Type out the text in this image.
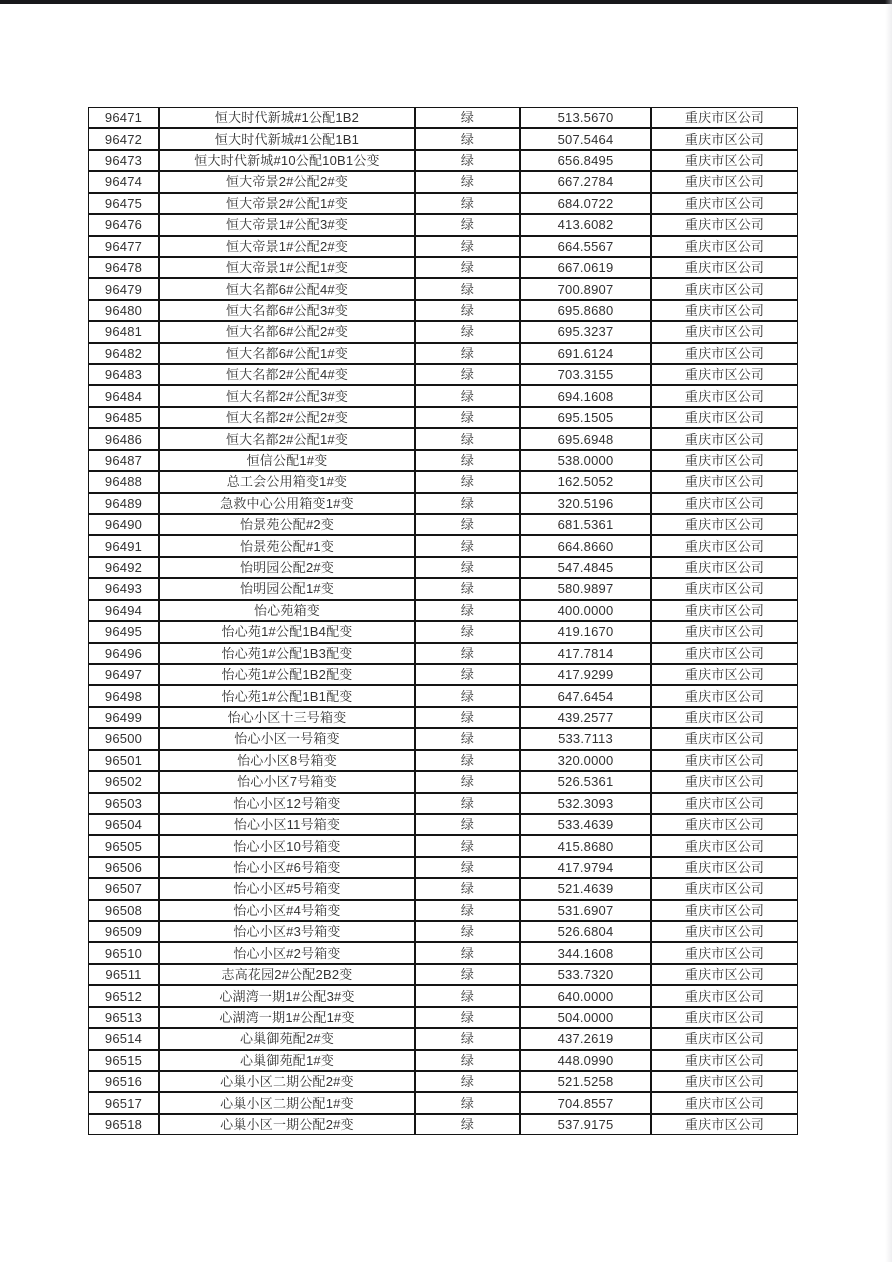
96471	恒大时代新城#1公配1B2	绿	513.5670	重庆市区公司
96472	恒大时代新城#1公配1B1	绿	507.5464	重庆市区公司
96473	恒大时代新城#10公配10B1公变	绿	656.8495	重庆市区公司
96474	恒大帝景2#公配2#变	绿	667.2784	重庆市区公司
96475	恒大帝景2#公配1#变	绿	684.0722	重庆市区公司
96476	恒大帝景1#公配3#变	绿	413.6082	重庆市区公司
96477	恒大帝景1#公配2#变	绿	664.5567	重庆市区公司
96478	恒大帝景1#公配1#变	绿	667.0619	重庆市区公司
96479	恒大名都6#公配4#变	绿	700.8907	重庆市区公司
96480	恒大名都6#公配3#变	绿	695.8680	重庆市区公司
96481	恒大名都6#公配2#变	绿	695.3237	重庆市区公司
96482	恒大名都6#公配1#变	绿	691.6124	重庆市区公司
96483	恒大名都2#公配4#变	绿	703.3155	重庆市区公司
96484	恒大名都2#公配3#变	绿	694.1608	重庆市区公司
96485	恒大名都2#公配2#变	绿	695.1505	重庆市区公司
96486	恒大名都2#公配1#变	绿	695.6948	重庆市区公司
96487	恒信公配1#变	绿	538.0000	重庆市区公司
96488	总工会公用箱变1#变	绿	162.5052	重庆市区公司
96489	急救中心公用箱变1#变	绿	320.5196	重庆市区公司
96490	怡景苑公配#2变	绿	681.5361	重庆市区公司
96491	怡景苑公配#1变	绿	664.8660	重庆市区公司
96492	怡明园公配2#变	绿	547.4845	重庆市区公司
96493	怡明园公配1#变	绿	580.9897	重庆市区公司
96494	怡心苑箱变	绿	400.0000	重庆市区公司
96495	怡心苑1#公配1B4配变	绿	419.1670	重庆市区公司
96496	怡心苑1#公配1B3配变	绿	417.7814	重庆市区公司
96497	怡心苑1#公配1B2配变	绿	417.9299	重庆市区公司
96498	怡心苑1#公配1B1配变	绿	647.6454	重庆市区公司
96499	怡心小区十三号箱变	绿	439.2577	重庆市区公司
96500	怡心小区一号箱变	绿	533.7113	重庆市区公司
96501	怡心小区8号箱变	绿	320.0000	重庆市区公司
96502	怡心小区7号箱变	绿	526.5361	重庆市区公司
96503	怡心小区12号箱变	绿	532.3093	重庆市区公司
96504	怡心小区11号箱变	绿	533.4639	重庆市区公司
96505	怡心小区10号箱变	绿	415.8680	重庆市区公司
96506	怡心小区#6号箱变	绿	417.9794	重庆市区公司
96507	怡心小区#5号箱变	绿	521.4639	重庆市区公司
96508	怡心小区#4号箱变	绿	531.6907	重庆市区公司
96509	怡心小区#3号箱变	绿	526.6804	重庆市区公司
96510	怡心小区#2号箱变	绿	344.1608	重庆市区公司
96511	志高花园2#公配2B2变	绿	533.7320	重庆市区公司
96512	心湖湾一期1#公配3#变	绿	640.0000	重庆市区公司
96513	心湖湾一期1#公配1#变	绿	504.0000	重庆市区公司
96514	心巢御苑配2#变	绿	437.2619	重庆市区公司
96515	心巢御苑配1#变	绿	448.0990	重庆市区公司
96516	心巢小区二期公配2#变	绿	521.5258	重庆市区公司
96517	心巢小区二期公配1#变	绿	704.8557	重庆市区公司
96518	心巢小区一期公配2#变	绿	537.9175	重庆市区公司
